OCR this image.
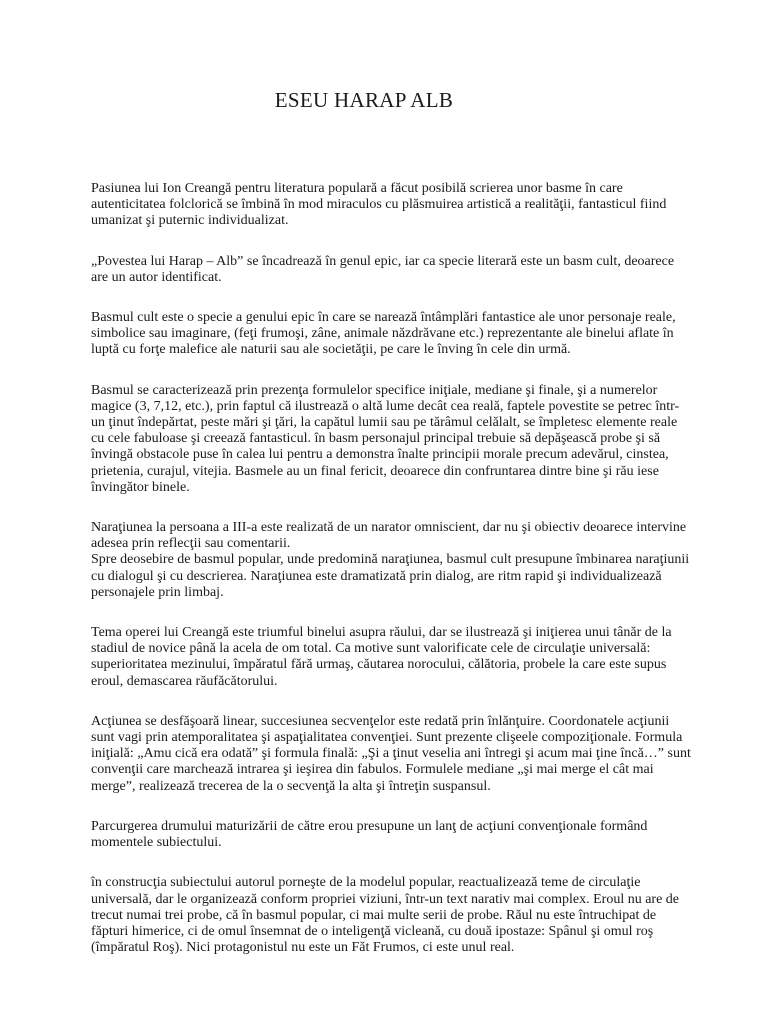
ESEU HARAP ALB

Pasiunea lui Ion Creangă pentru literatura populară a făcut posibilă scrierea unor basme în care autenticitatea folclorică se îmbină în mod miraculos cu plăsmuirea artistică a realităţii, fantasticul fiind umanizat şi puternic individualizat.

„Povestea lui Harap – Alb” se încadrează în genul epic, iar ca specie literară este un basm cult, deoarece are un autor identificat.

Basmul cult este o specie a genului epic în care se narează întâmplări fantastice ale unor personaje reale, simbolice sau imaginare, (feţi frumoşi, zâne, animale năzdrăvane etc.) reprezentante ale binelui aflate în luptă cu forţe malefice ale naturii sau ale societăţii, pe care le înving în cele din urmă.

Basmul se caracterizează prin prezenţa formulelor specifice iniţiale, mediane şi finale, şi a numerelor magice (3, 7,12, etc.), prin faptul că ilustrează o altă lume decât cea reală, faptele povestite se petrec într-un ţinut îndepărtat, peste mări şi ţări, la capătul lumii sau pe tărâmul celălalt, se împletesc elemente reale cu cele fabuloase şi creează fantasticul. în basm personajul principal trebuie să depăşească probe şi să învingă obstacole puse în calea lui pentru a demonstra înalte principii morale precum adevărul, cinstea, prietenia, curajul, vitejia. Basmele au un final fericit, deoarece din confruntarea dintre bine şi rău iese învingător binele.

Naraţiunea la persoana a III-a este realizată de un narator omniscient, dar nu şi obiectiv deoarece intervine adesea prin reflecţii sau comentarii.
Spre deosebire de basmul popular, unde predomină naraţiunea, basmul cult presupune îmbinarea naraţiunii cu dialogul şi cu descrierea. Naraţiunea este dramatizată prin dialog, are ritm rapid şi individualizează personajele prin limbaj.

Tema operei lui Creangă este triumful binelui asupra răului, dar se ilustrează şi iniţierea unui tânăr de la stadiul de novice până la acela de om total. Ca motive sunt valorificate cele de circulaţie universală: superioritatea mezinului, împăratul fără urmaş, căutarea norocului, călătoria, probele la care este supus eroul, demascarea răufăcătorului.

Acţiunea se desfăşoară linear, succesiunea secvenţelor este redată prin înlănţuire. Coordonatele acţiunii sunt vagi prin atemporalitatea şi aspaţialitatea convenţiei. Sunt prezente clişeele compoziţionale. Formula iniţială: „Amu cică era odată” şi formula finală: „Şi a ţinut veselia ani întregi şi acum mai ţine încă…” sunt convenţii care marchează intrarea şi ieşirea din fabulos. Formulele mediane „şi mai merge el cât mai merge”, realizează trecerea de la o secvenţă la alta şi întreţin suspansul.

Parcurgerea drumului maturizării de către erou presupune un lanţ de acţiuni convenţionale formând momentele subiectului.

în construcţia subiectului autorul porneşte de la modelul popular, reactualizează teme de circulaţie universală, dar le organizează conform propriei viziuni, într-un text narativ mai complex. Eroul nu are de trecut numai trei probe, că în basmul popular, ci mai multe serii de probe. Răul nu este întruchipat de făpturi himerice, ci de omul însemnat de o inteligenţă vicleană, cu două ipostaze: Spânul şi omul roş (împăratul Roş). Nici protagonistul nu este un Făt Frumos, ci este unul real.
